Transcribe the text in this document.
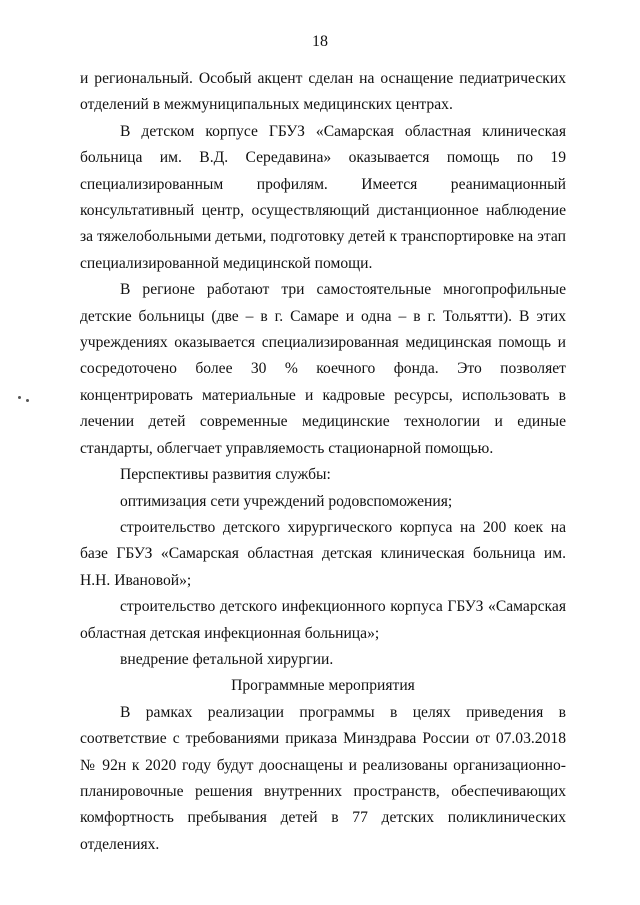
18

и региональный. Особый акцент сделан на оснащение педиатрических отделений в межмуниципальных медицинских центрах.

В детском корпусе ГБУЗ «Самарская областная клиническая больница им. В.Д. Середавина» оказывается помощь по 19 специализированным профилям. Имеется реанимационный консультативный центр, осуществляющий дистанционное наблюдение за тяжелобольными детьми, подготовку детей к транспортировке на этап специализированной медицинской помощи.

В регионе работают три самостоятельные многопрофильные детские больницы (две – в г. Самаре и одна – в г. Тольятти). В этих учреждениях оказывается специализированная медицинская помощь и сосредоточено более 30 % коечного фонда. Это позволяет концентрировать материальные и кадровые ресурсы, использовать в лечении детей современные медицинские технологии и единые стандарты, облегчает управляемость стационарной помощью.

Перспективы развития службы:

оптимизация сети учреждений родовспоможения;

строительство детского хирургического корпуса на 200 коек на базе ГБУЗ «Самарская областная детская клиническая больница им. Н.Н. Ивановой»;

строительство детского инфекционного корпуса ГБУЗ «Самарская областная детская инфекционная больница»;

внедрение фетальной хирургии.

Программные мероприятия

В рамках реализации программы в целях приведения в соответствие с требованиями приказа Минздрава России от 07.03.2018 № 92н к 2020 году будут дооснащены и реализованы организационно-планировочные решения внутренних пространств, обеспечивающих комфортность пребывания детей в 77 детских поликлинических отделениях.
